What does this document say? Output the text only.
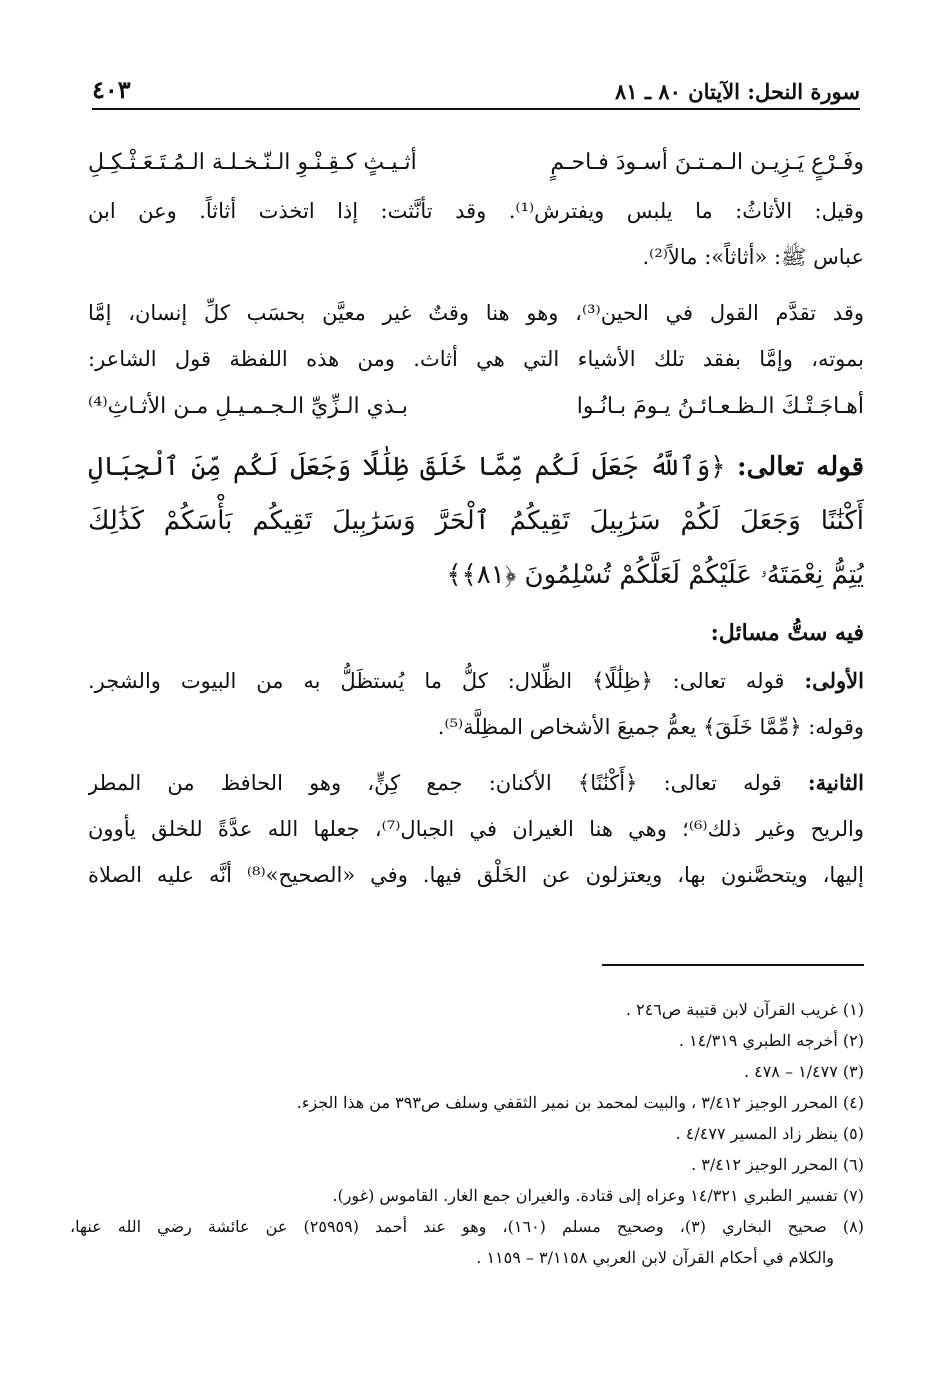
سورة النحل: الآيتان ٨٠ ـ ٨١
٤٠٣
وفَـرْعٍ يَـزِيـن الـمـتـنَ أسـودَ فـاحـمٍ
أثـيـثٍ كـقِـنْـوِ الـنّـخـلـة الـمُـتَـعَـثْـكِـلِ
وقيل: الأثاثُ: ما يلبس ويفترش⁽¹⁾. وقد تأنَّثت: إذا اتخذت أثاثاً. وعن ابن
عباس ﷺ: «أثاثاً»: مالاً⁽²⁾.
وقد تقدَّم القول في الحين⁽³⁾، وهو هنا وقتٌ غير معيَّن بحسَب كلِّ إنسان، إمَّا
بموته، وإمَّا بفقد تلك الأشياء التي هي أثاث. ومن هذه اللفظة قول الشاعر:
أهـاجَـتْـكَ الـظـعـائـنُ يـومَ بـانُـوا
بـذي الـزِّيِّ الـجـمـيـلِ مـن الأثـاثِ⁽⁴⁾
قوله تعالى: ﴿وَٱللَّهُ جَعَلَ لَكُم مِّمَّا خَلَقَ ظِلَٰلًا وَجَعَلَ لَكُم مِّنَ ٱلْجِبَالِ
أَكْنَٰنًا وَجَعَلَ لَكُمْ سَرَٰبِيلَ تَقِيكُمُ ٱلْحَرَّ وَسَرَٰبِيلَ تَقِيكُم بَأْسَكُمْ كَذَٰلِكَ
يُتِمُّ نِعْمَتَهُۥ عَلَيْكُمْ لَعَلَّكُمْ تُسْلِمُونَ ﴿٨١﴾﴾
فيه ستُّ مسائل:
الأولى: قوله تعالى: ﴿ظِلَٰلًا﴾ الظِّلال: كلُّ ما يُستظَلُّ به من البيوت والشجر.
وقوله: ﴿مِّمَّا خَلَقَ﴾ يعمُّ جميعَ الأشخاص المظِلَّة⁽⁵⁾.
الثانية: قوله تعالى: ﴿أَكْنَٰنًا﴾ الأكنان: جمع كِنٍّ، وهو الحافظ من المطر
والريح وغير ذلك⁽⁶⁾؛ وهي هنا الغيران في الجبال⁽⁷⁾، جعلها الله عدَّةً للخلق يأوون
إليها، ويتحصَّنون بها، ويعتزلون عن الخَلْق فيها. وفي «الصحيح»⁽⁸⁾ أنَّه عليه الصلاة
(١) غريب القرآن لابن قتيبة ص٢٤٦ .
(٢) أخرجه الطبري ١٤/٣١٩ .
(٣) ١/٤٧٧ – ٤٧٨ .
(٤) المحرر الوجيز ٣/٤١٢ ، والبيت لمحمد بن نمير الثقفي وسلف ص٣٩٣ من هذا الجزء.
(٥) ينظر زاد المسير ٤/٤٧٧ .
(٦) المحرر الوجيز ٣/٤١٢ .
(٧) تفسير الطبري ١٤/٣٢١ وعزاه إلى قتادة. والغيران جمع الغار. القاموس (غور).
(٨) صحيح البخاري (٣)، وصحيح مسلم (١٦٠)، وهو عند أحمد (٢٥٩٥٩) عن عائشة رضي الله عنها،
والكلام في أحكام القرآن لابن العربي ٣/١١٥٨ – ١١٥٩ .
